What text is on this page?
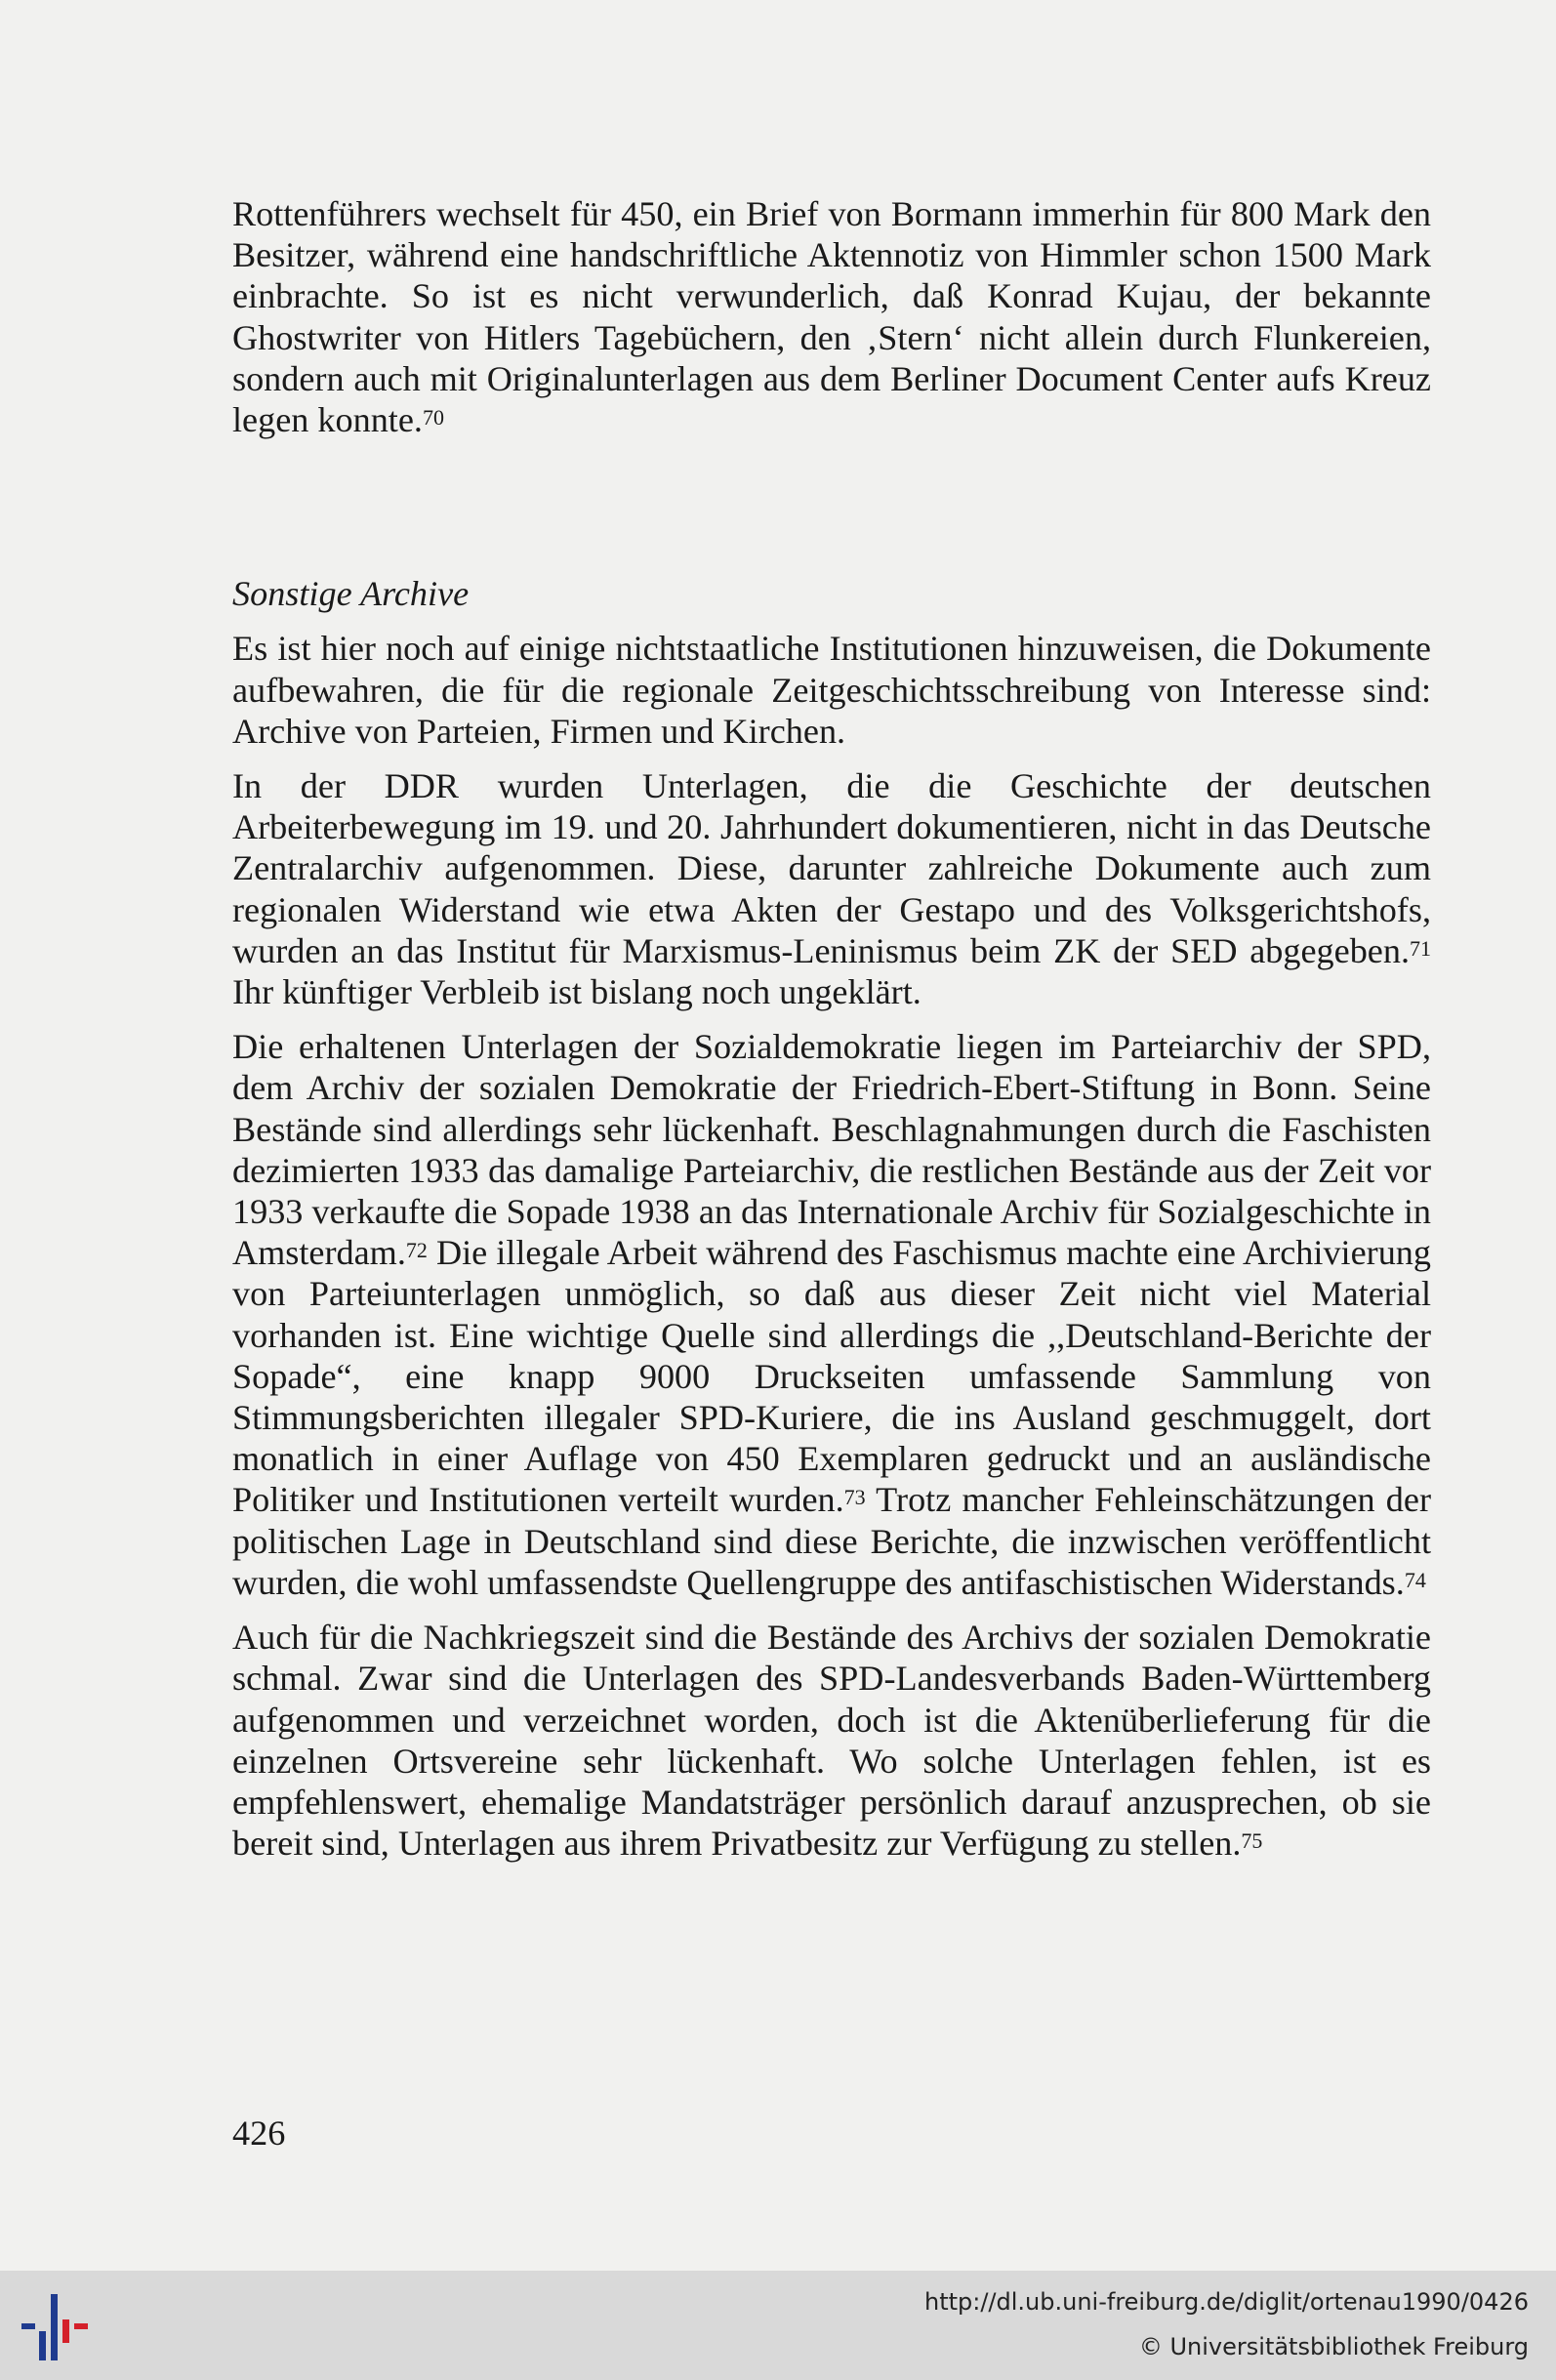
Rottenführers wechselt für 450, ein Brief von Bormann immerhin für 800 Mark den Besitzer, während eine handschriftliche Aktennotiz von Himmler schon 1500 Mark einbrachte. So ist es nicht verwunderlich, daß Konrad Kujau, der bekannte Ghostwriter von Hitlers Tagebüchern, den ‚Stern‘ nicht allein durch Flunkereien, sondern auch mit Originalunterlagen aus dem Berliner Document Center aufs Kreuz legen konnte.$^{70}$

Sonstige Archive

Es ist hier noch auf einige nichtstaatliche Institutionen hinzuweisen, die Dokumente aufbewahren, die für die regionale Zeitgeschichtsschreibung von Interesse sind: Archive von Parteien, Firmen und Kirchen.

In der DDR wurden Unterlagen, die die Geschichte der deutschen Arbeiterbewegung im 19. und 20. Jahrhundert dokumentieren, nicht in das Deutsche Zentralarchiv aufgenommen. Diese, darunter zahlreiche Dokumente auch zum regionalen Widerstand wie etwa Akten der Gestapo und des Volksgerichtshofs, wurden an das Institut für Marxismus-Leninismus beim ZK der SED abgegeben.$^{71}$ Ihr künftiger Verbleib ist bislang noch ungeklärt.

Die erhaltenen Unterlagen der Sozialdemokratie liegen im Parteiarchiv der SPD, dem Archiv der sozialen Demokratie der Friedrich-Ebert-Stiftung in Bonn. Seine Bestände sind allerdings sehr lückenhaft. Beschlagnahmungen durch die Faschisten dezimierten 1933 das damalige Parteiarchiv, die restlichen Bestände aus der Zeit vor 1933 verkaufte die Sopade 1938 an das Internationale Archiv für Sozialgeschichte in Amsterdam.$^{72}$ Die illegale Arbeit während des Faschismus machte eine Archivierung von Parteiunterlagen unmöglich, so daß aus dieser Zeit nicht viel Material vorhanden ist. Eine wichtige Quelle sind allerdings die ,,Deutschland-Berichte der Sopade“, eine knapp 9000 Druckseiten umfassende Sammlung von Stimmungsberichten illegaler SPD-Kuriere, die ins Ausland geschmuggelt, dort monatlich in einer Auflage von 450 Exemplaren gedruckt und an ausländische Politiker und Institutionen verteilt wurden.$^{73}$ Trotz mancher Fehleinschätzungen der politischen Lage in Deutschland sind diese Berichte, die inzwischen veröffentlicht wurden, die wohl umfassendste Quellengruppe des antifaschistischen Widerstands.$^{74}$

Auch für die Nachkriegszeit sind die Bestände des Archivs der sozialen Demokratie schmal. Zwar sind die Unterlagen des SPD-Landesverbands Baden-Württemberg aufgenommen und verzeichnet worden, doch ist die Aktenüberlieferung für die einzelnen Ortsvereine sehr lückenhaft. Wo solche Unterlagen fehlen, ist es empfehlenswert, ehemalige Mandatsträger persönlich darauf anzusprechen, ob sie bereit sind, Unterlagen aus ihrem Privatbesitz zur Verfügung zu stellen.$^{75}$

426
http://dl.ub.uni-freiburg.de/diglit/ortenau1990/0426
© Universitätsbibliothek Freiburg
